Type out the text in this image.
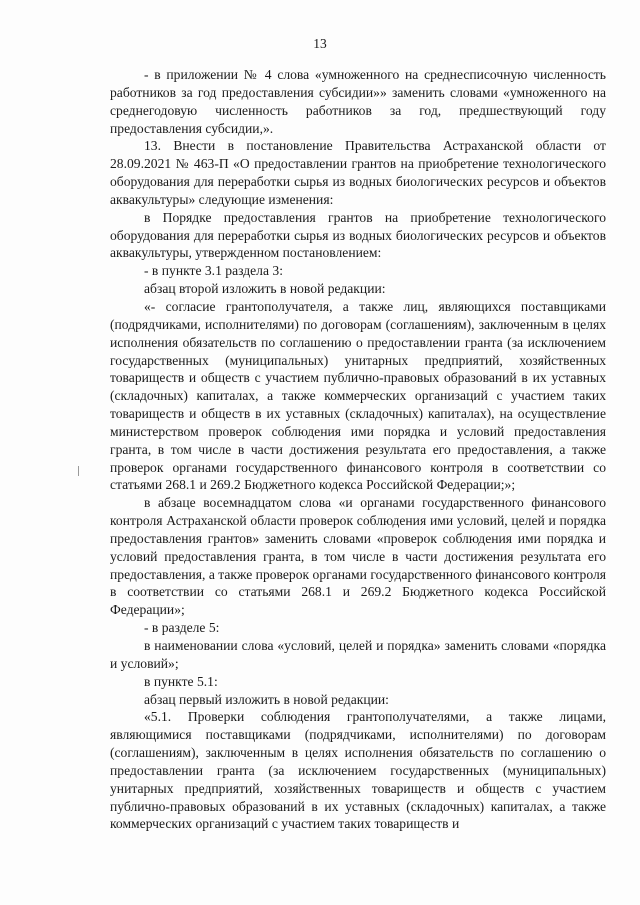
13

- в приложении № 4 слова «умноженного на среднесписочную численность работников за год предоставления субсидии»» заменить словами «умноженного на среднегодовую численность работников за год, предшествующий году предоставления субсидии,».

13. Внести в постановление Правительства Астраханской области от 28.09.2021 № 463-П «О предоставлении грантов на приобретение технологического оборудования для переработки сырья из водных биологических ресурсов и объектов аквакультуры» следующие изменения:

в Порядке предоставления грантов на приобретение технологического оборудования для переработки сырья из водных биологических ресурсов и объектов аквакультуры, утвержденном постановлением:

- в пункте 3.1 раздела 3:

абзац второй изложить в новой редакции:

«- согласие грантополучателя, а также лиц, являющихся поставщиками (подрядчиками, исполнителями) по договорам (соглашениям), заключенным в целях исполнения обязательств по соглашению о предоставлении гранта (за исключением государственных (муниципальных) унитарных предприятий, хозяйственных товариществ и обществ с участием публично-правовых образований в их уставных (складочных) капиталах, а также коммерческих организаций с участием таких товариществ и обществ в их уставных (складочных) капиталах), на осуществление министерством проверок соблюдения ими порядка и условий предоставления гранта, в том числе в части достижения результата его предоставления, а также проверок органами государственного финансового контроля в соответствии со статьями 268.1 и 269.2 Бюджетного кодекса Российской Федерации;»;

в абзаце восемнадцатом слова «и органами государственного финансового контроля Астраханской области проверок соблюдения ими условий, целей и порядка предоставления грантов» заменить словами «проверок соблюдения ими порядка и условий предоставления гранта, в том числе в части достижения результата его предоставления, а также проверок органами государственного финансового контроля в соответствии со статьями 268.1 и 269.2 Бюджетного кодекса Российской Федерации»;

- в разделе 5:

в наименовании слова «условий, целей и порядка» заменить словами «порядка и условий»;

в пункте 5.1:

абзац первый изложить в новой редакции:

«5.1. Проверки соблюдения грантополучателями, а также лицами, являющимися поставщиками (подрядчиками, исполнителями) по договорам (соглашениям), заключенным в целях исполнения обязательств по соглашению о предоставлении гранта (за исключением государственных (муниципальных) унитарных предприятий, хозяйственных товариществ и обществ с участием публично-правовых образований в их уставных (складочных) капиталах, а также коммерческих организаций с участием таких товариществ и
